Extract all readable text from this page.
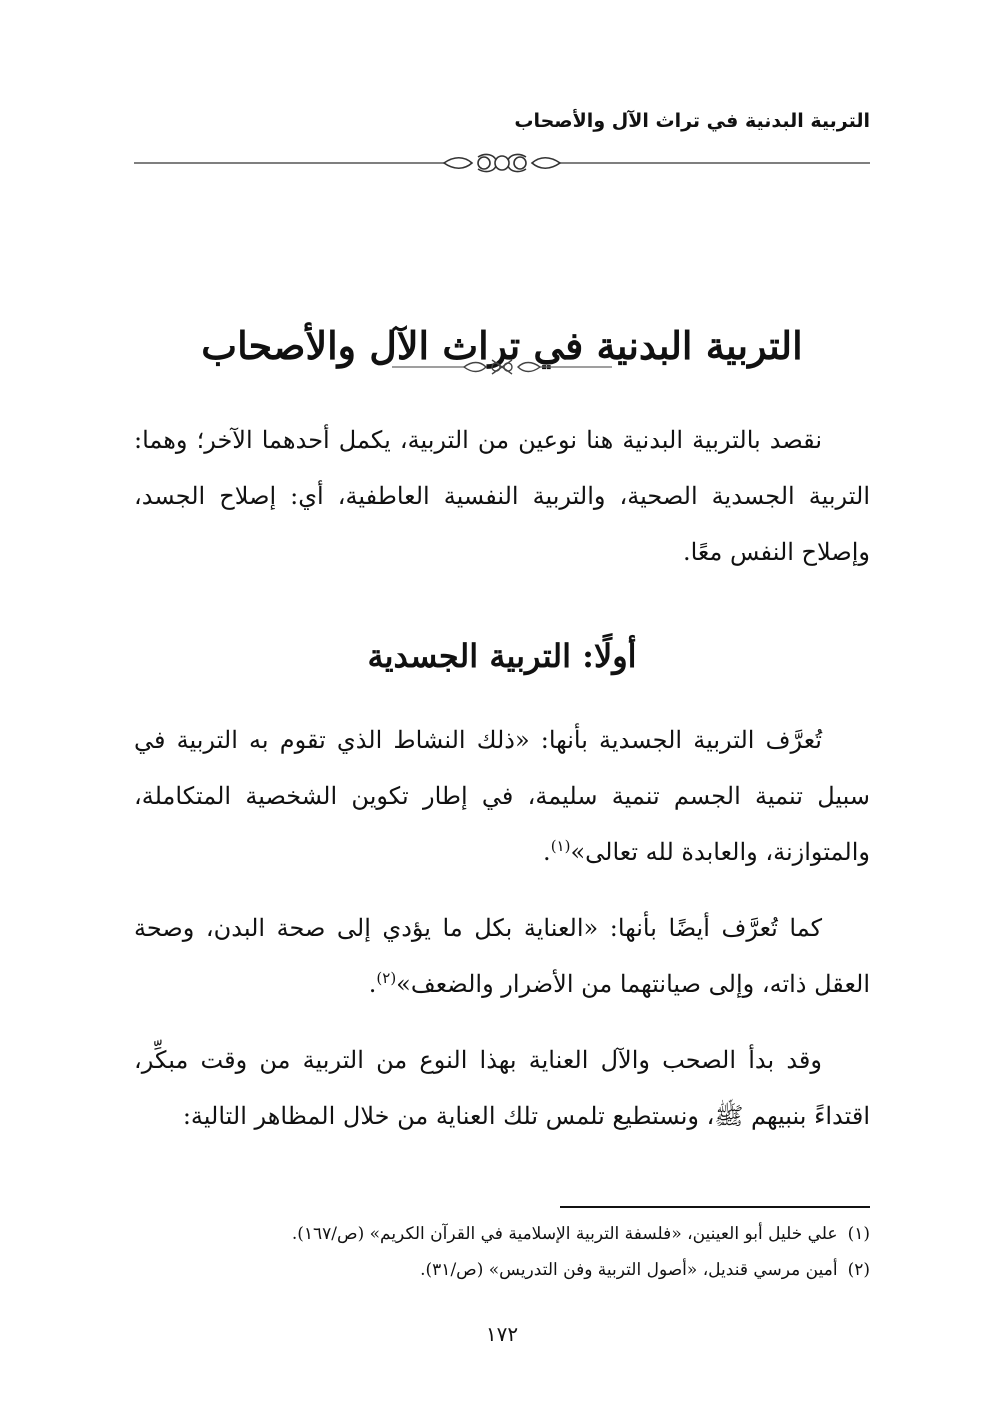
التربية البدنية في تراث الآل والأصحاب
التربية البدنية في تراث الآل والأصحاب

نقصد بالتربية البدنية هنا نوعين من التربية، يكمل أحدهما الآخر؛ وهما: التربية الجسدية الصحية، والتربية النفسية العاطفية، أي: إصلاح الجسد، وإصلاح النفس معًا.

أولًا: التربية الجسدية

تُعرَّف التربية الجسدية بأنها: «ذلك النشاط الذي تقوم به التربية في سبيل تنمية الجسم تنمية سليمة، في إطار تكوين الشخصية المتكاملة، والمتوازنة، والعابدة لله تعالى»$^{(١)}$.

كما تُعرَّف أيضًا بأنها: «العناية بكل ما يؤدي إلى صحة البدن، وصحة العقل ذاته، وإلى صيانتهما من الأضرار والضعف»$^{(٢)}$.

وقد بدأ الصحب والآل العناية بهذا النوع من التربية من وقت مبكِّر، اقتداءً بنبيهم ﷺ، ونستطيع تلمس تلك العناية من خلال المظاهر التالية:

(١)علي خليل أبو العينين، «فلسفة التربية الإسلامية في القرآن الكريم» (ص/١٦٧).
(٢)أمين مرسي قنديل، «أصول التربية وفن التدريس» (ص/٣١).
١٧٢
